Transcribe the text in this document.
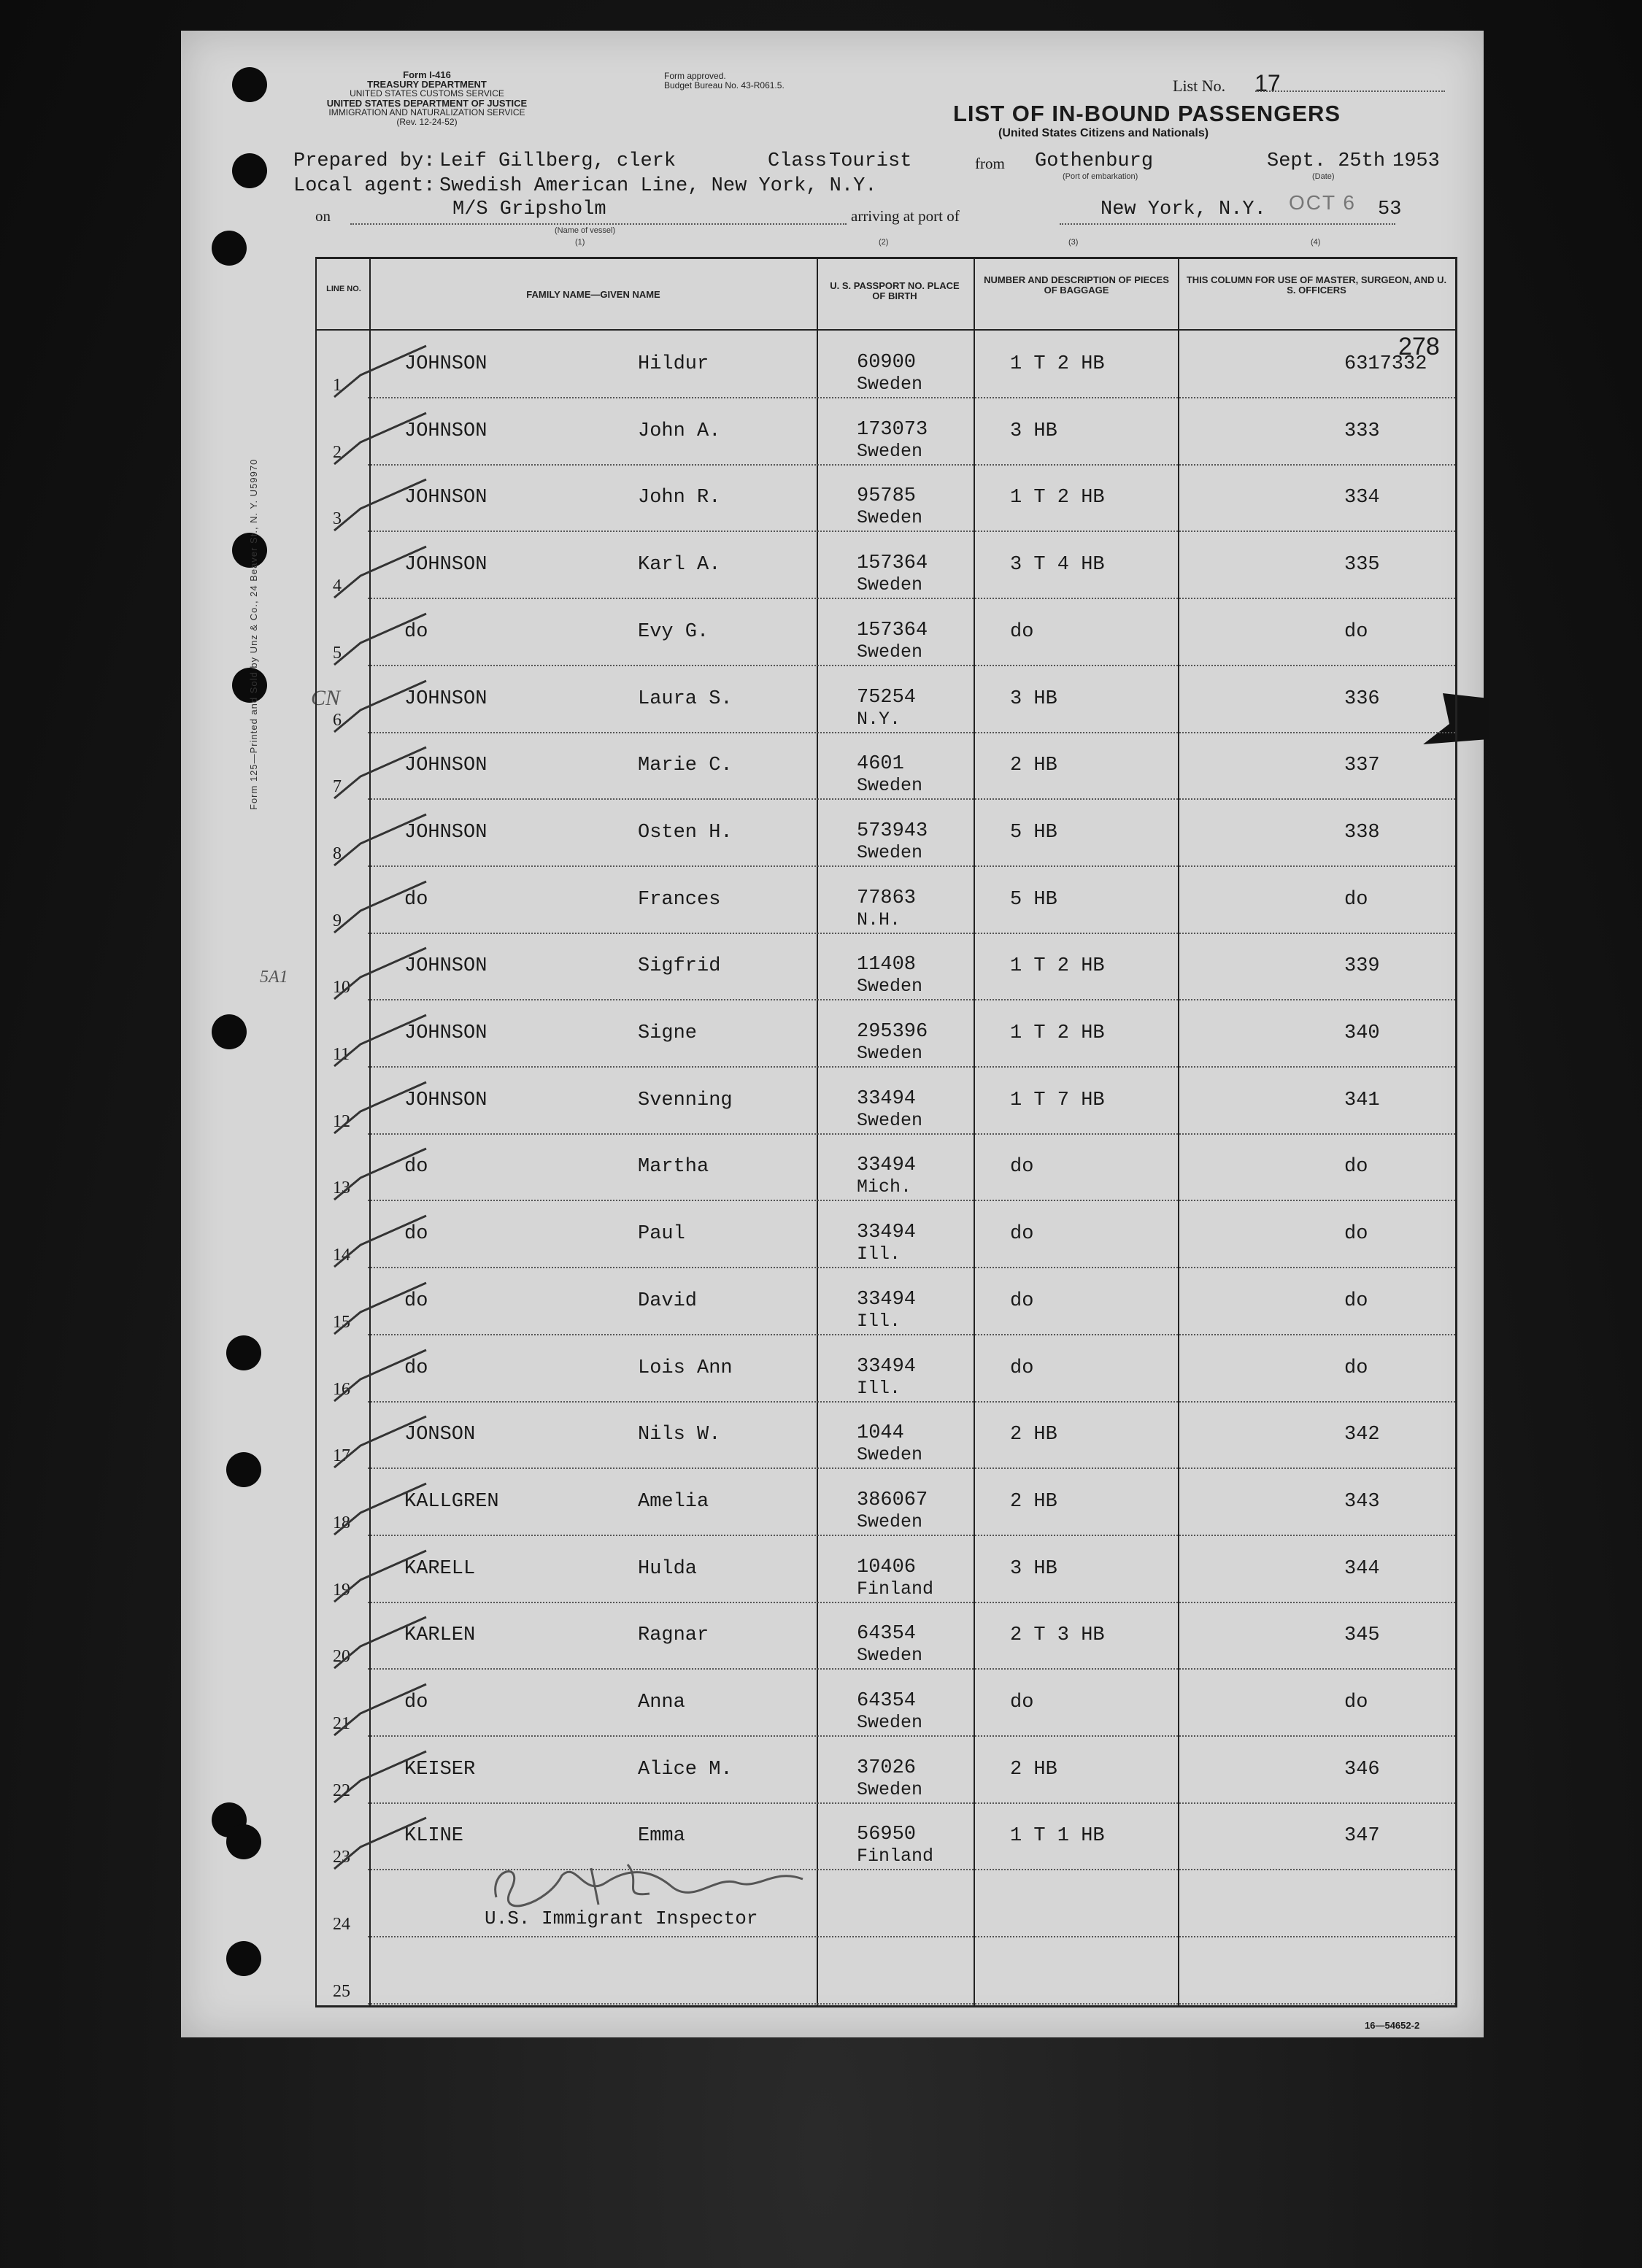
Form 125—Printed and Sold by Unz & Co., 24 Beaver St., N. Y. U59970
Form I-416
TREASURY DEPARTMENT
UNITED STATES CUSTOMS SERVICE
UNITED STATES DEPARTMENT OF JUSTICE
IMMIGRATION AND NATURALIZATION SERVICE
(Rev. 12-24-52)
Form approved.
Budget Bureau No. 43-R061.5.	List No. 17
LIST OF IN-BOUND PASSENGERS
(United States Citizens and Nationals)
Prepared by: Leif Gillberg, clerk	Class Tourist	from Gothenburg	Sept. 25th 1953
(Port of embarkation)	(Date)
Local agent: Swedish American Line, New York, N.Y.
OCT 6
on	M/S Gripsholm
(Name of vessel)
arriving at port of	New York, N.Y.	53
(1)	(2)	(3)	(4)
278
CN
5A1
LINE NO.	FAMILY NAME—GIVEN NAME
U. S. PASSPORT NO. PLACE OF BIRTH
NUMBER AND DESCRIPTION OF PIECES OF BAGGAGE
THIS COLUMN FOR USE OF MASTER, SURGEON, AND U. S. OFFICERS
1
JOHNSON	Hildur	60900
Sweden
1 T 2 HB	6317332
2
JOHNSON	John A.	173073
Sweden
3 HB	333
3
JOHNSON	John R.	95785
Sweden
1 T 2 HB	334
4
JOHNSON	Karl A.	157364
Sweden
3 T 4 HB	335
5
do	Evy G.	157364
Sweden
do	do
6
JOHNSON	Laura S.	75254
N.Y.
3 HB	336
7
JOHNSON	Marie C.	4601
Sweden
2 HB	337
8
JOHNSON	Osten H.	573943
Sweden
5 HB	338
9
do	Frances	77863
N.H.
5 HB	do
10
JOHNSON	Sigfrid	11408
Sweden
1 T 2 HB	339
11
JOHNSON	Signe	295396
Sweden
1 T 2 HB	340
12
JOHNSON	Svenning	33494
Sweden
1 T 7 HB	341
13
do	Martha	33494
Mich.
do	do
14
do	Paul	33494
Ill.
do	do
15
do	David	33494
Ill.
do	do
16
do	Lois Ann	33494
Ill.
do	do
17
JONSON	Nils W.	1044
Sweden
2 HB	342
18
KALLGREN	Amelia	386067
Sweden
2 HB	343
19
KARELL	Hulda	10406
Finland
3 HB	344
20
KARLEN	Ragnar	64354
Sweden
2 T 3 HB	345
21
do	Anna	64354
Sweden
do	do
22
KEISER	Alice M.	37026
Sweden
2 HB	346
23
KLINE	Emma	56950
Finland
1 T 1 HB	347
24
25
U.S. Immigrant Inspector
16—54652-2
